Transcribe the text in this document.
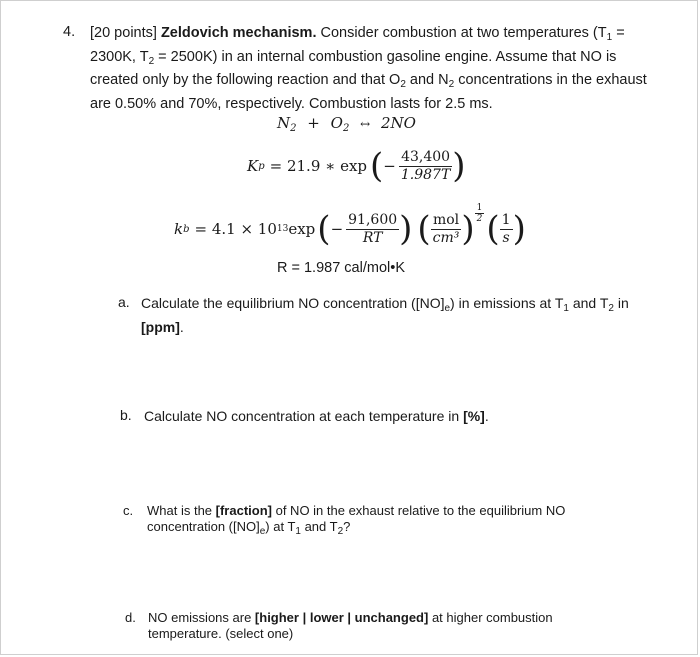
4. [20 points] Zeldovich mechanism. Consider combustion at two temperatures ($T_1 = 2300K$, $T_2 = 2500K$) in an internal combustion gasoline engine. Assume that NO is created only by the following reaction and that $O_2$ and $N_2$ concentrations in the exhaust are 0.50% and 70%, respectively. Combustion lasts for 2.5 ms.
$N_2 + O_2$ ↔ 2NO
K p = 21.9 ∗ exp ( − $\frac{43,400}{1.987T}$ )
k b = 4.1 × 10 13 exp ( − $\frac{91,600}{RT}$ ) ( $\frac{\text{mol}}{\text{cm³}}$ ) $\frac{1}{2}$ ( $\frac{1}{s}$ )
R = 1.987 cal/mol•K
a. Calculate the equilibrium NO concentration $([NO]_e)$ in emissions at $T_1$ and $T_2$ in
[ppm].
b. Calculate NO concentration at each temperature in [%].
c. What is the [fraction] of NO in the exhaust relative to the equilibrium NO concentration $([NO]_e)$ at $T_1$ and $T_2$?
d. NO emissions are [higher | lower | unchanged] at higher combustion temperature. (select one)
